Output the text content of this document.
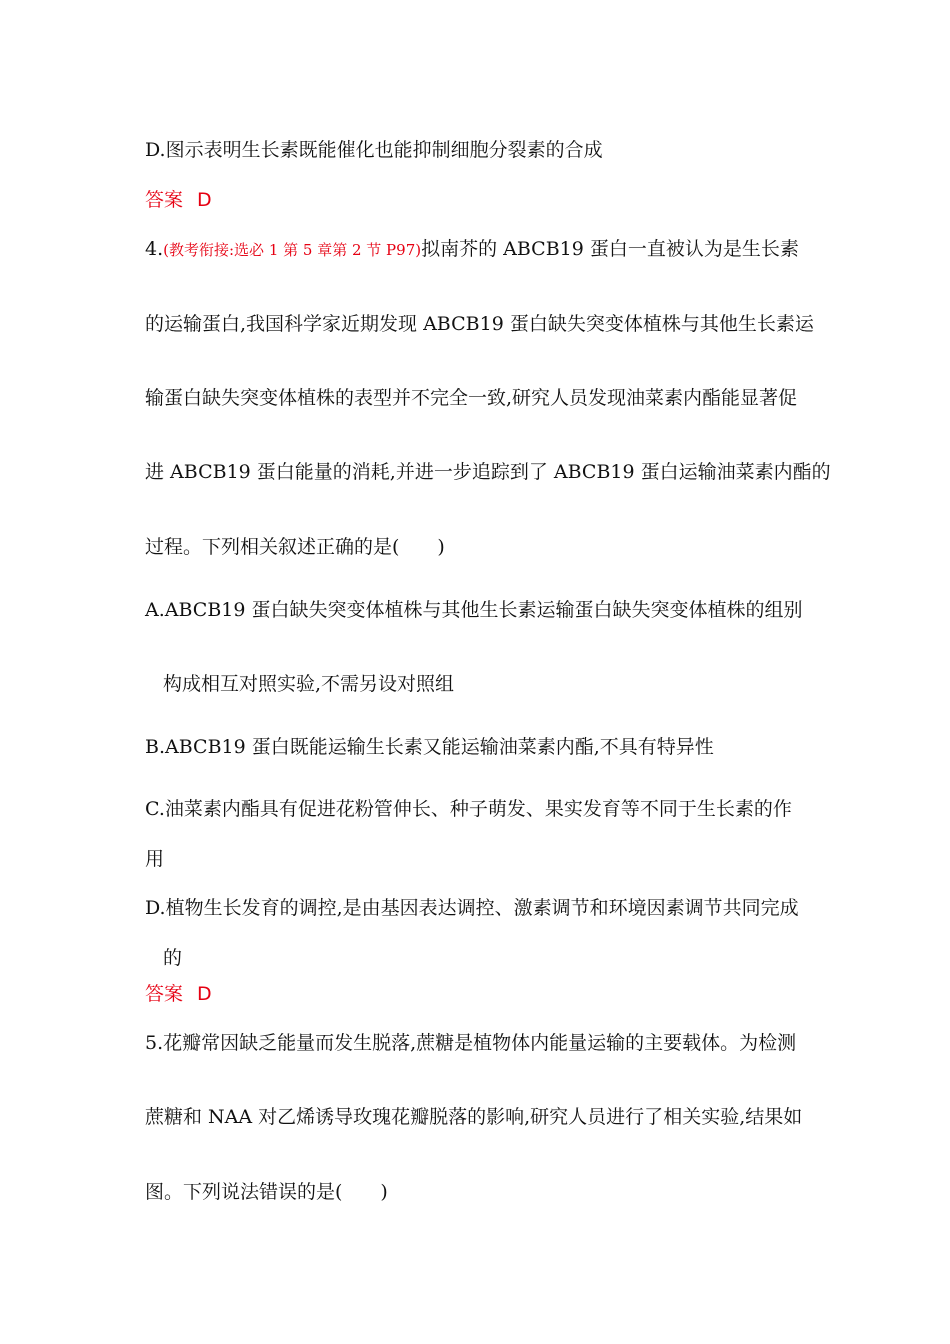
D.图示表明生长素既能催化也能抑制细胞分裂素的合成
答案 D
4.(教考衔接:选必 1 第 5 章第 2 节 P97)拟南芥的 ABCB19 蛋白一直被认为是生长素
的运输蛋白,我国科学家近期发现 ABCB19 蛋白缺失突变体植株与其他生长素运
输蛋白缺失突变体植株的表型并不完全一致,研究人员发现油菜素内酯能显著促
进 ABCB19 蛋白能量的消耗,并进一步追踪到了 ABCB19 蛋白运输油菜素内酯的
过程。下列相关叙述正确的是(　　)
A.ABCB19 蛋白缺失突变体植株与其他生长素运输蛋白缺失突变体植株的组别
构成相互对照实验,不需另设对照组
B.ABCB19 蛋白既能运输生长素又能运输油菜素内酯,不具有特异性
C.油菜素内酯具有促进花粉管伸长、种子萌发、果实发育等不同于生长素的作
用
D.植物生长发育的调控,是由基因表达调控、激素调节和环境因素调节共同完成
的
答案 D
5.花瓣常因缺乏能量而发生脱落,蔗糖是植物体内能量运输的主要载体。为检测
蔗糖和 NAA 对乙烯诱导玫瑰花瓣脱落的影响,研究人员进行了相关实验,结果如
图。下列说法错误的是(　　)
